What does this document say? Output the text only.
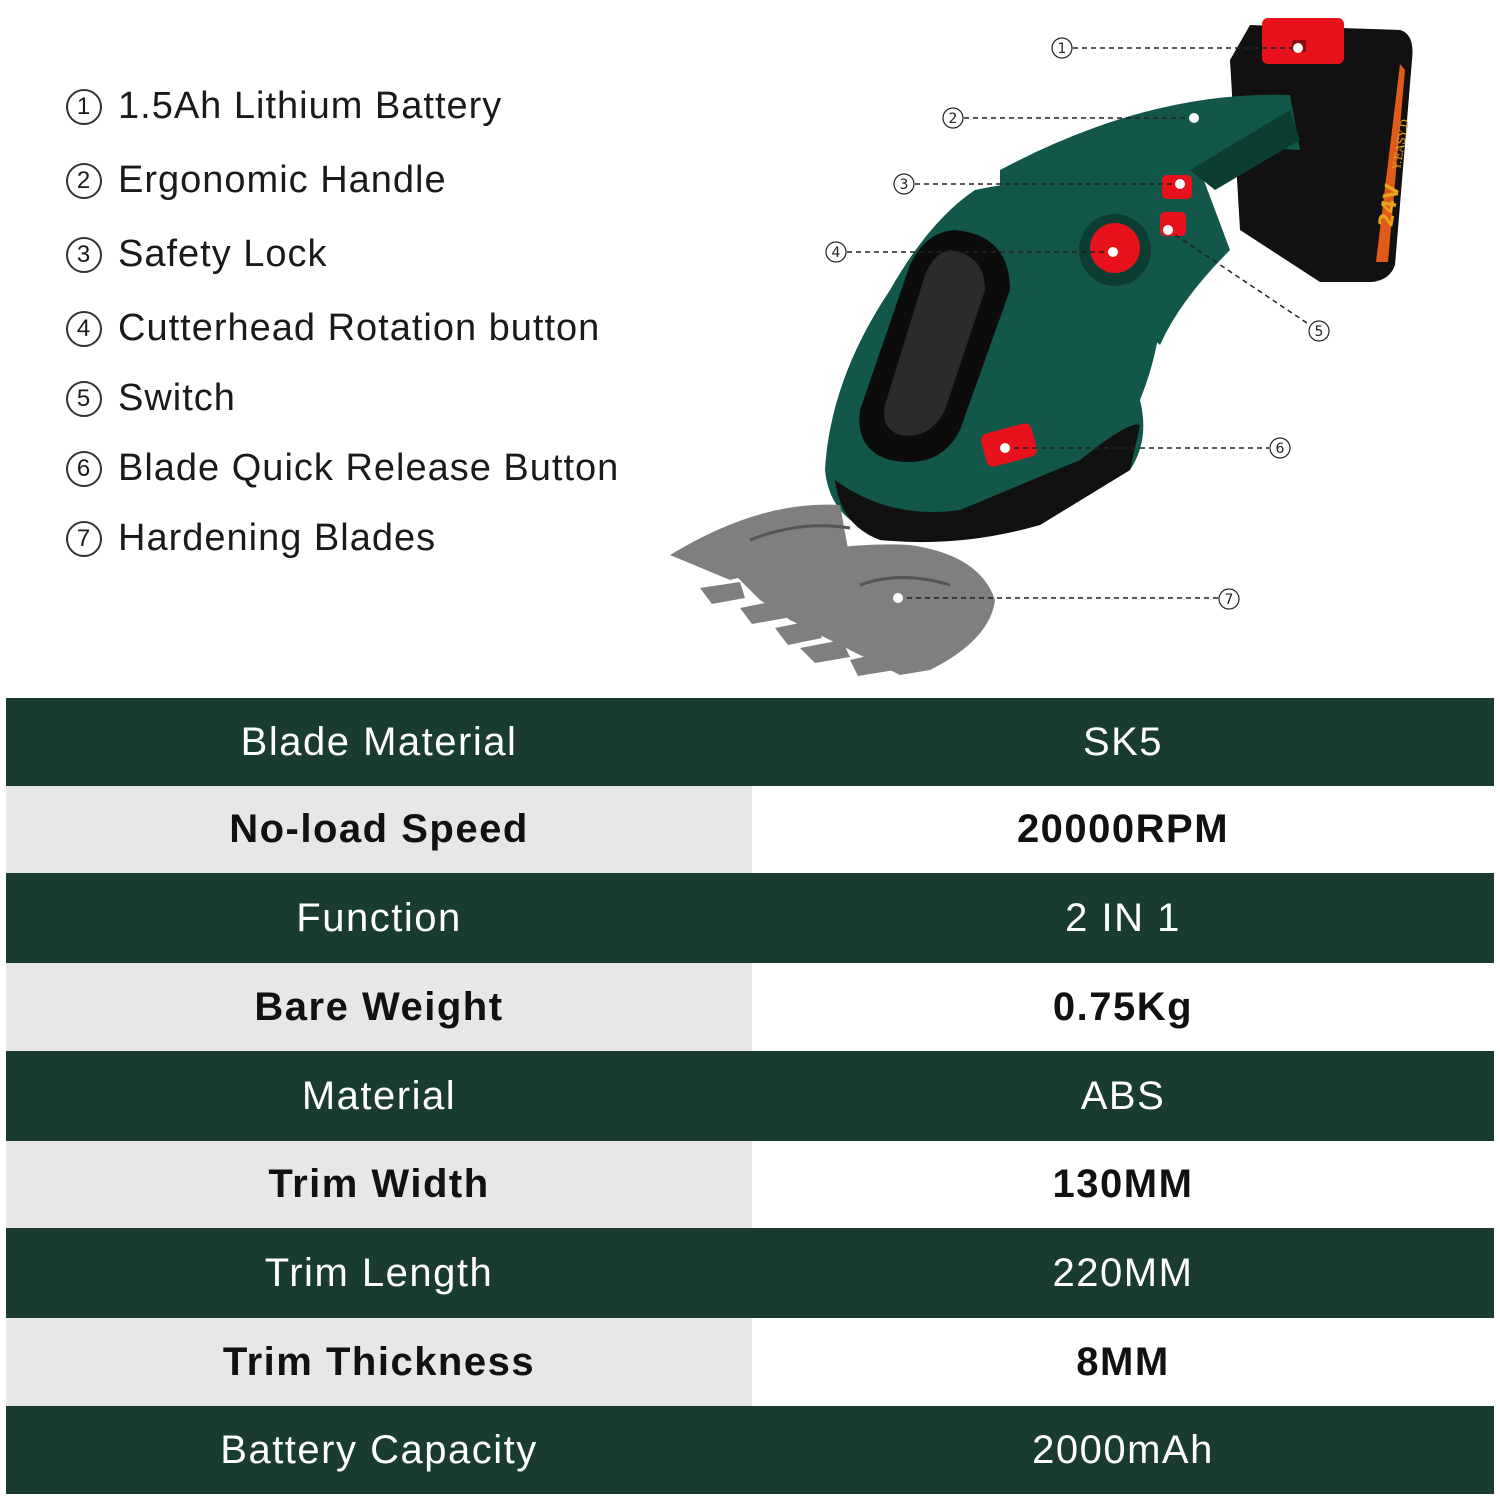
1 1.5Ah Lithium Battery
2 Ergonomic Handle
3 Safety Lock
4 Cutterhead Rotation button
5 Switch
6 Blade Quick Release Button
7 Hardening Blades
24V
Y.EASY.D
1
2
3
4
5
6
7
Blade Material	SK5
No-load Speed	20000RPM
Function	2 IN 1
Bare Weight	0.75Kg
Material	ABS
Trim Width	130MM
Trim Length	220MM
Trim Thickness	8MM
Battery Capacity	2000mAh
